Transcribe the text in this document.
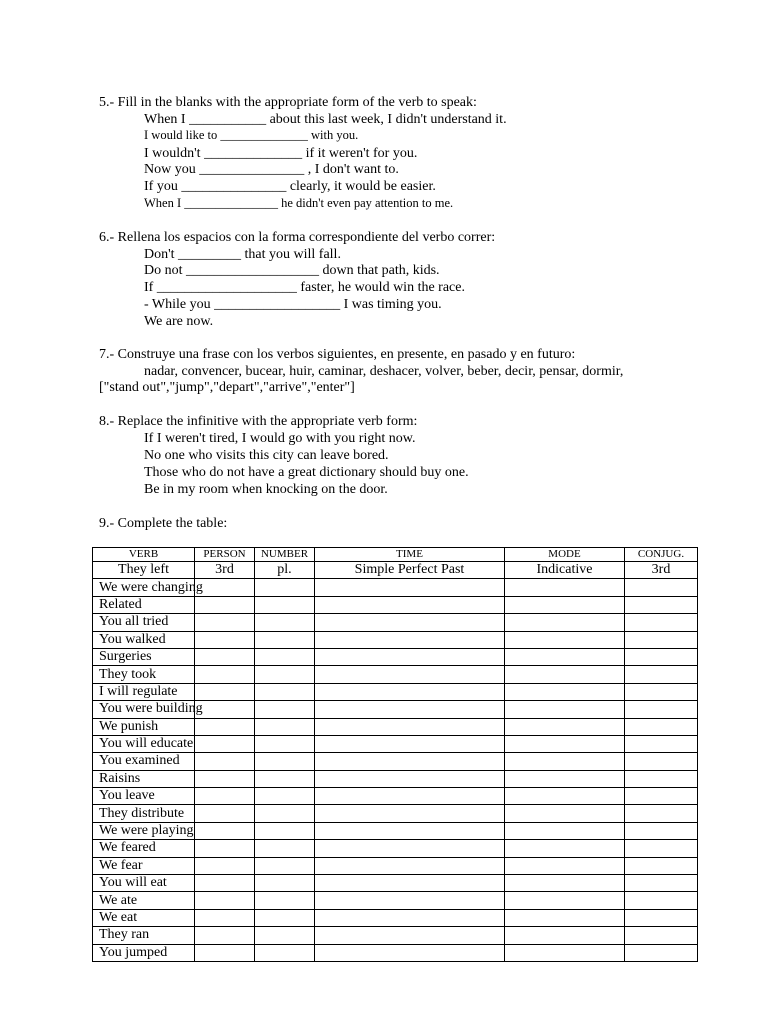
5.- Fill in the blanks with the appropriate form of the verb to speak:
When I ___________ about this last week, I didn't understand it.
I would like to ______________ with you.
I wouldn't ______________ if it weren't for you.
Now you _______________ , I don't want to.
If you _______________ clearly, it would be easier.
When I _______________ he didn't even pay attention to me.
6.- Rellena los espacios con la forma correspondiente del verbo correr:
Don't _________ that you will fall.
Do not ___________________ down that path, kids.
If ____________________ faster, he would win the race.
- While you __________________ I was timing you.
We are now.
7.- Construye una frase con los verbos siguientes, en presente, en pasado y en futuro:
nadar, convencer, bucear, huir, caminar, deshacer, volver, beber, decir, pensar, dormir,
["stand out","jump","depart","arrive","enter"]
8.- Replace the infinitive with the appropriate verb form:
If I weren't tired, I would go with you right now.
No one who visits this city can leave bored.
Those who do not have a great dictionary should buy one.
Be in my room when knocking on the door.
9.- Complete the table:
VERB	PERSON	NUMBER	TIME	MODE	CONJUG.
They left	3rd	pl.	Simple Perfect Past	Indicative	3rd
We were changing					
Related					
You all tried					
You walked					
Surgeries					
They took					
I will regulate					
You were building					
We punish					
You will educate					
You examined					
Raisins					
You leave					
They distribute					
We were playing					
We feared					
We fear					
You will eat					
We ate					
We eat					
They ran					
You jumped					
